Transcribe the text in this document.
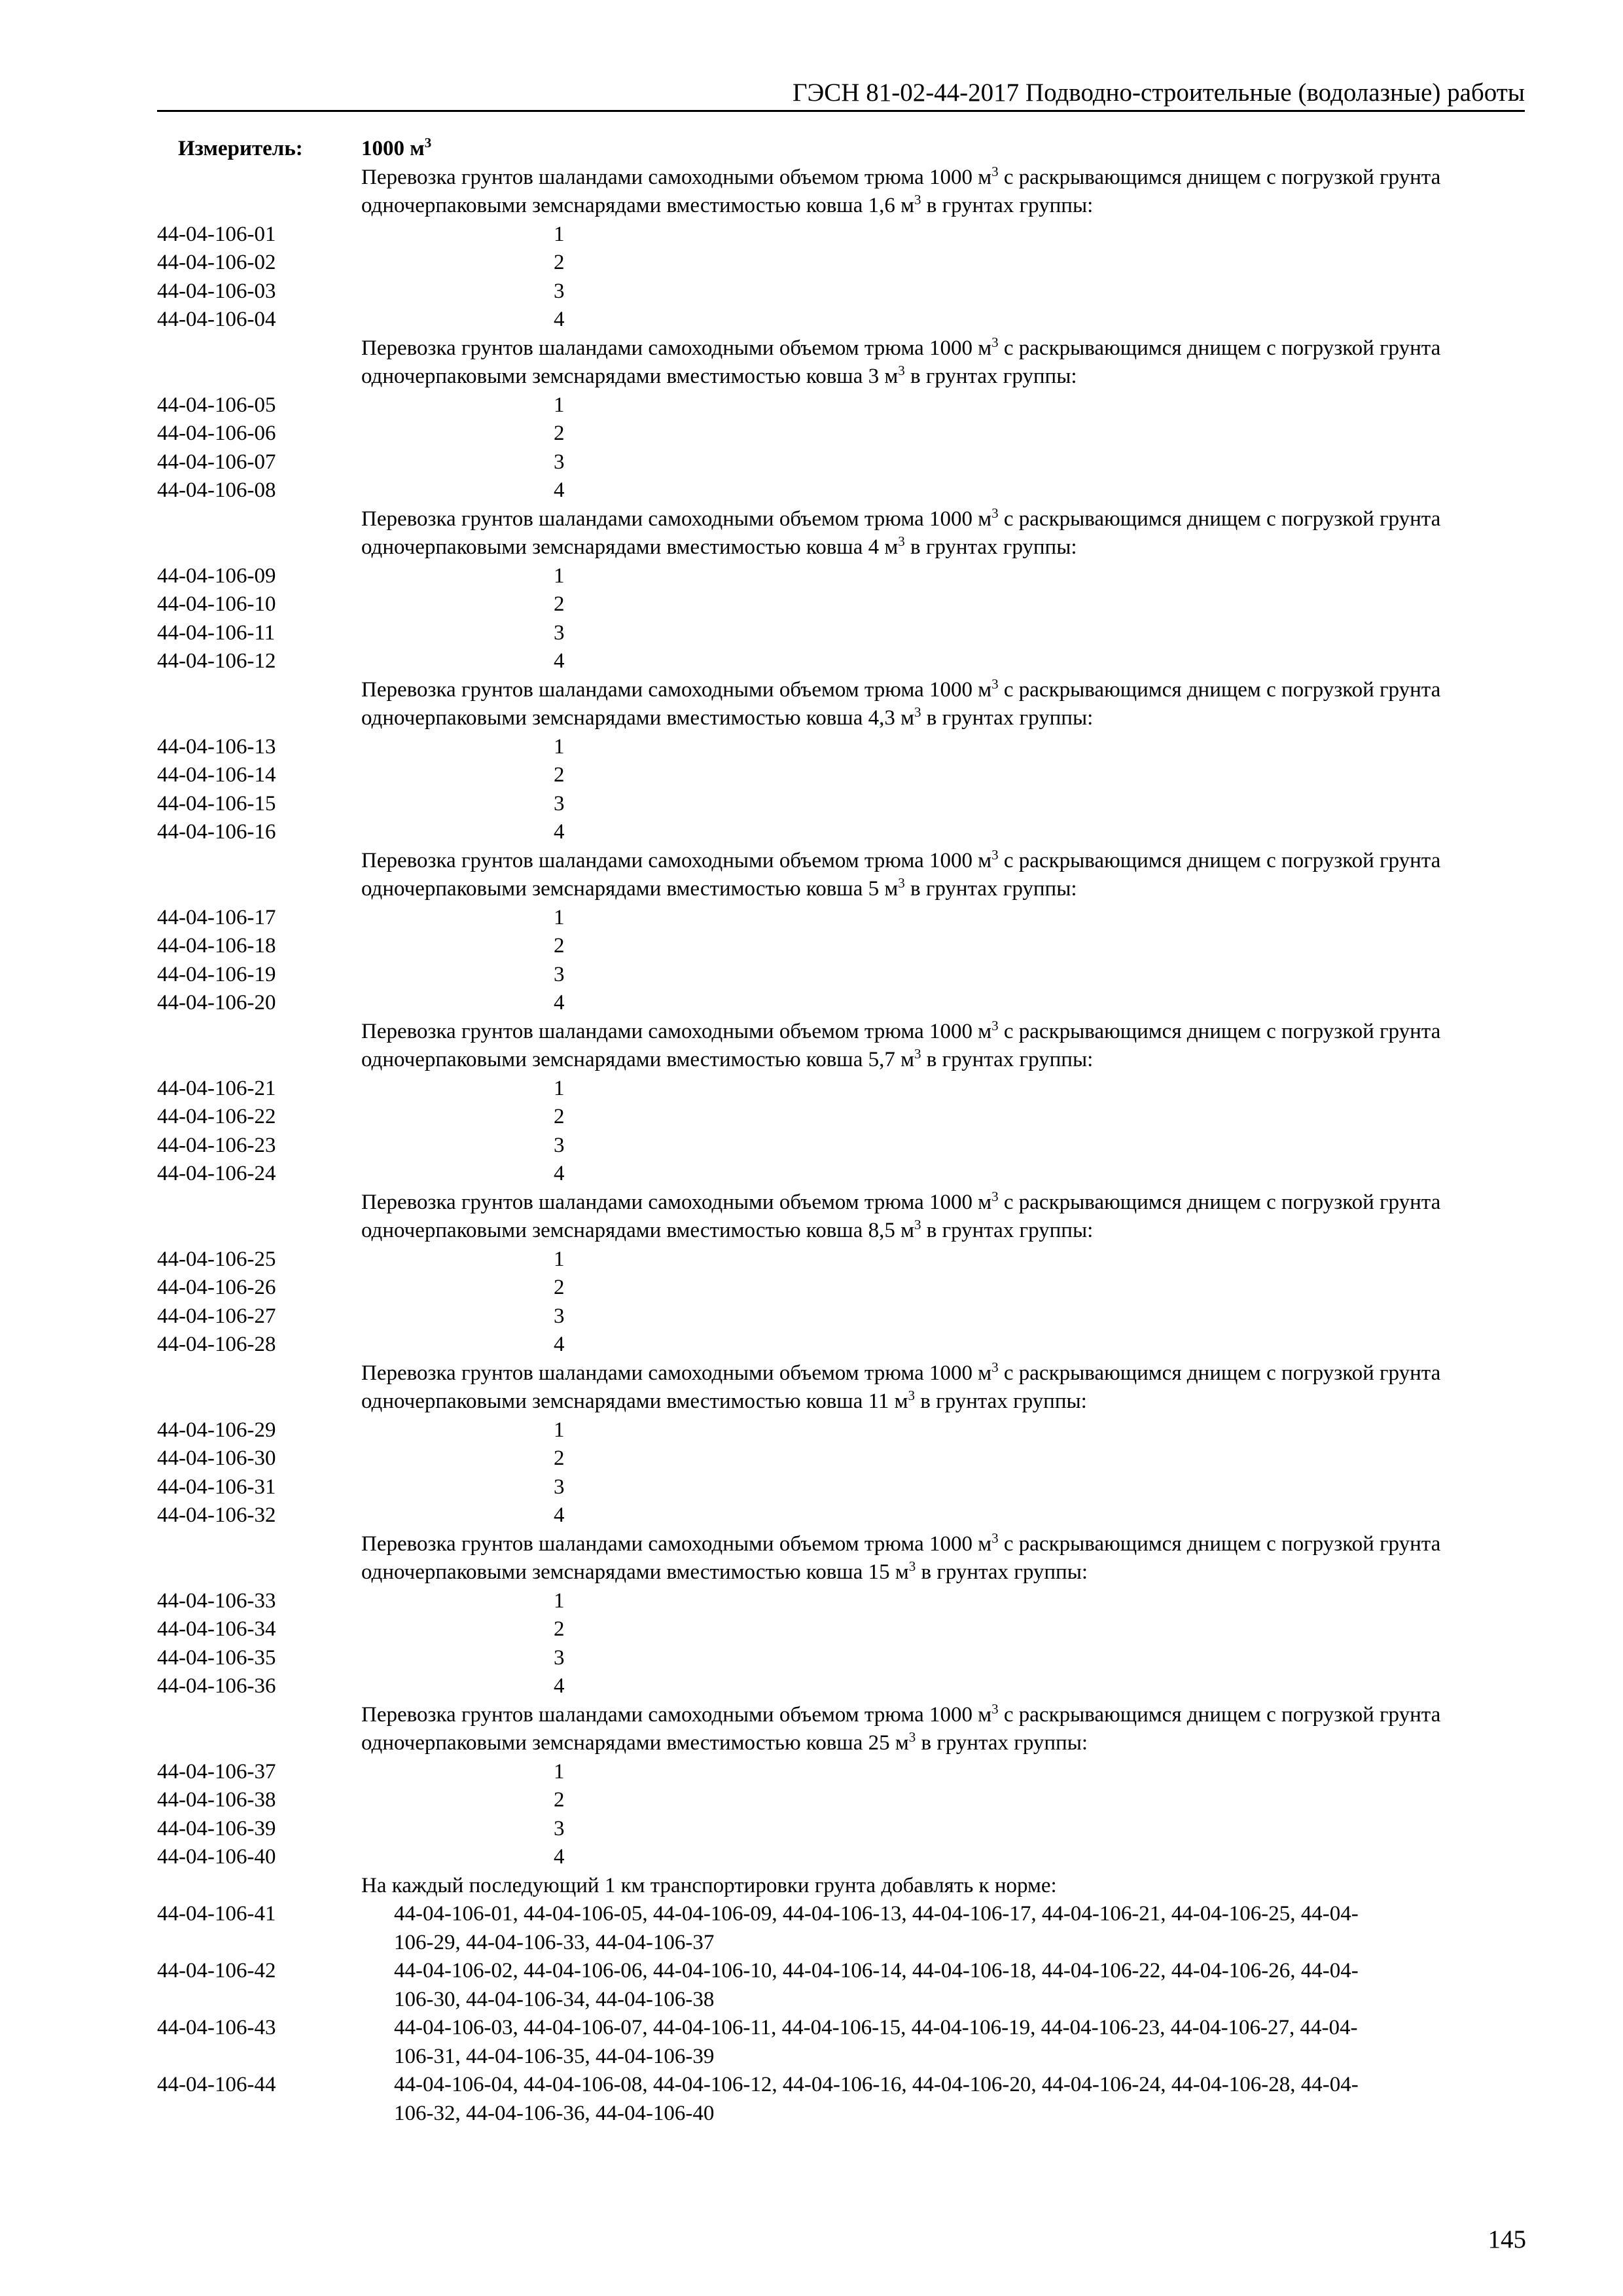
ГЭСН 81-02-44-2017 Подводно-строительные (водолазные) работы
Измеритель:	1000 $м^3$
Перевозка грунтов шаландами самоходными объемом трюма 1000 $м^3$ с раскрывающимся днищем с погрузкой грунта одночерпаковыми земснарядами вместимостью ковша 1,6 $м^3$ в грунтах группы:
44-04-106-01	1
44-04-106-02	2
44-04-106-03	3
44-04-106-04	4
Перевозка грунтов шаландами самоходными объемом трюма 1000 $м^3$ с раскрывающимся днищем с погрузкой грунта одночерпаковыми земснарядами вместимостью ковша 3 $м^3$ в грунтах группы:
44-04-106-05	1
44-04-106-06	2
44-04-106-07	3
44-04-106-08	4
Перевозка грунтов шаландами самоходными объемом трюма 1000 $м^3$ с раскрывающимся днищем с погрузкой грунта одночерпаковыми земснарядами вместимостью ковша 4 $м^3$ в грунтах группы:
44-04-106-09	1
44-04-106-10	2
44-04-106-11	3
44-04-106-12	4
Перевозка грунтов шаландами самоходными объемом трюма 1000 $м^3$ с раскрывающимся днищем с погрузкой грунта одночерпаковыми земснарядами вместимостью ковша 4,3 $м^3$ в грунтах группы:
44-04-106-13	1
44-04-106-14	2
44-04-106-15	3
44-04-106-16	4
Перевозка грунтов шаландами самоходными объемом трюма 1000 $м^3$ с раскрывающимся днищем с погрузкой грунта одночерпаковыми земснарядами вместимостью ковша 5 $м^3$ в грунтах группы:
44-04-106-17	1
44-04-106-18	2
44-04-106-19	3
44-04-106-20	4
Перевозка грунтов шаландами самоходными объемом трюма 1000 $м^3$ с раскрывающимся днищем с погрузкой грунта одночерпаковыми земснарядами вместимостью ковша 5,7 $м^3$ в грунтах группы:
44-04-106-21	1
44-04-106-22	2
44-04-106-23	3
44-04-106-24	4
Перевозка грунтов шаландами самоходными объемом трюма 1000 $м^3$ с раскрывающимся днищем с погрузкой грунта одночерпаковыми земснарядами вместимостью ковша 8,5 $м^3$ в грунтах группы:
44-04-106-25	1
44-04-106-26	2
44-04-106-27	3
44-04-106-28	4
Перевозка грунтов шаландами самоходными объемом трюма 1000 $м^3$ с раскрывающимся днищем с погрузкой грунта одночерпаковыми земснарядами вместимостью ковша 11 $м^3$ в грунтах группы:
44-04-106-29	1
44-04-106-30	2
44-04-106-31	3
44-04-106-32	4
Перевозка грунтов шаландами самоходными объемом трюма 1000 $м^3$ с раскрывающимся днищем с погрузкой грунта одночерпаковыми земснарядами вместимостью ковша 15 $м^3$ в грунтах группы:
44-04-106-33	1
44-04-106-34	2
44-04-106-35	3
44-04-106-36	4
Перевозка грунтов шаландами самоходными объемом трюма 1000 $м^3$ с раскрывающимся днищем с погрузкой грунта одночерпаковыми земснарядами вместимостью ковша 25 $м^3$ в грунтах группы:
44-04-106-37	1
44-04-106-38	2
44-04-106-39	3
44-04-106-40	4
На каждый последующий 1 км транспортировки грунта добавлять к норме:
44-04-106-41	44-04-106-01, 44-04-106-05, 44-04-106-09, 44-04-106-13, 44-04-106-17, 44-04-106-21, 44-04-106-25, 44-04-
106-29, 44-04-106-33, 44-04-106-37
44-04-106-42	44-04-106-02, 44-04-106-06, 44-04-106-10, 44-04-106-14, 44-04-106-18, 44-04-106-22, 44-04-106-26, 44-04-
106-30, 44-04-106-34, 44-04-106-38
44-04-106-43	44-04-106-03, 44-04-106-07, 44-04-106-11, 44-04-106-15, 44-04-106-19, 44-04-106-23, 44-04-106-27, 44-04-
106-31, 44-04-106-35, 44-04-106-39
44-04-106-44	44-04-106-04, 44-04-106-08, 44-04-106-12, 44-04-106-16, 44-04-106-20, 44-04-106-24, 44-04-106-28, 44-04-
106-32, 44-04-106-36, 44-04-106-40
145
